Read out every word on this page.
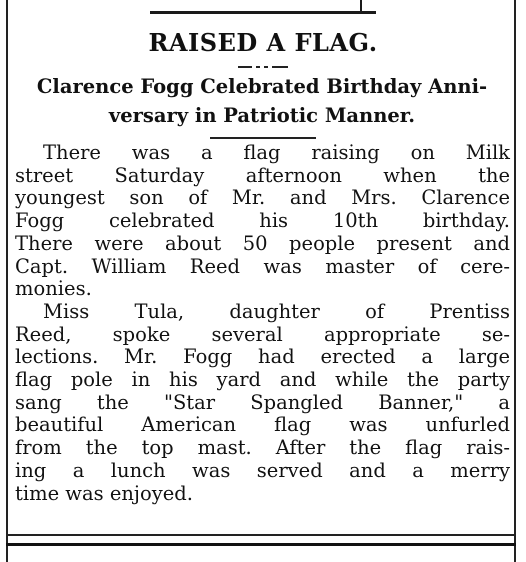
RAISED A FLAG.
Clarence Fogg Celebrated Birthday Anni-
versary in Patriotic Manner.
There was a flag raising on Milk
street Saturday afternoon when the
youngest son of Mr. and Mrs. Clarence
Fogg celebrated his 10th birthday.
There were about 50 people present and
Capt. William Reed was master of cere-
monies.
Miss Tula, daughter of Prentiss
Reed, spoke several appropriate se-
lections. Mr. Fogg had erected a large
flag pole in his yard and while the party
sang the "Star Spangled Banner," a
beautiful American flag was unfurled
from the top mast. After the flag rais-
ing a lunch was served and a merry
time was enjoyed.
